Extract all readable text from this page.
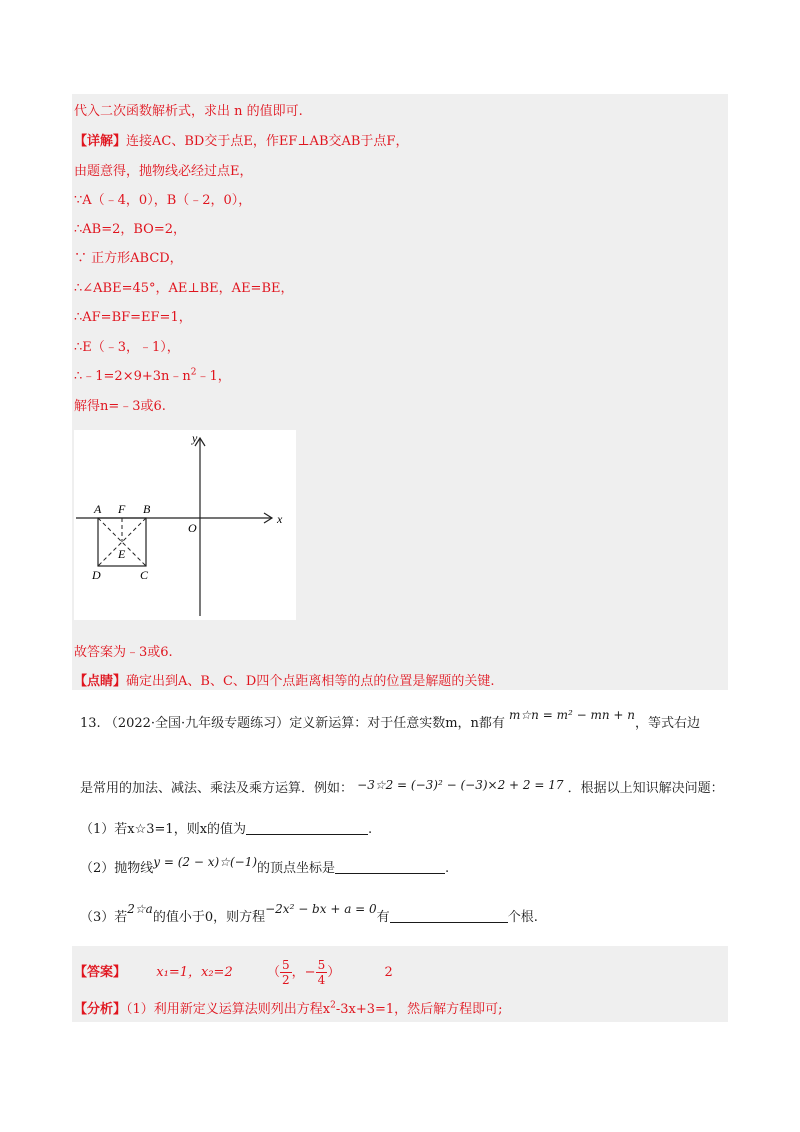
代入二次函数解析式，求出 n 的值即可.
【详解】连接AC、BD交于点E，作EF⊥AB交AB于点F，
由题意得，抛物线必经过点E，
∵A（﹣4，0），B（﹣2，0），
∴AB=2，BO=2，
∵ 正方形ABCD，
∴∠ABE=45°，AE⊥BE，AE=BE，
∴AF=BF=EF=1，
∴E（﹣3，﹣1），
$\therefore﹣1=2\times 9+3n﹣n^2﹣1$，
解得n=﹣3或6.
y
x
O
A F B
E
D	C
故答案为﹣3或6.
【点睛】确定出到A、B、C、D四个点距离相等的点的位置是解题的关键.
13. （2022·全国·九年级专题练习）定义新运算：对于任意实数m，n都有 m☆n = m² − mn + n，等式右边
是常用的加法、减法、乘法及乘方运算．例如： −3☆2 = (−3)² − (−3)×2 + 2 = 17 ．根据以上知识解决问题：
（1）若x☆3=1，则x的值为	.
（2）抛物线y = (2 − x)☆(−1)的顶点坐标是	.
（3）若2☆a的值小于0，则方程−2x² − bx + a = 0有	个根.
【答案】 x₁=1，x₂=2	（ $\frac{5}{2}$ ，− $\frac{5}{4}$ ）	2
【分析】（1）利用新定义运算法则列出方程$x^2-3x+3=1$，然后解方程即可;
